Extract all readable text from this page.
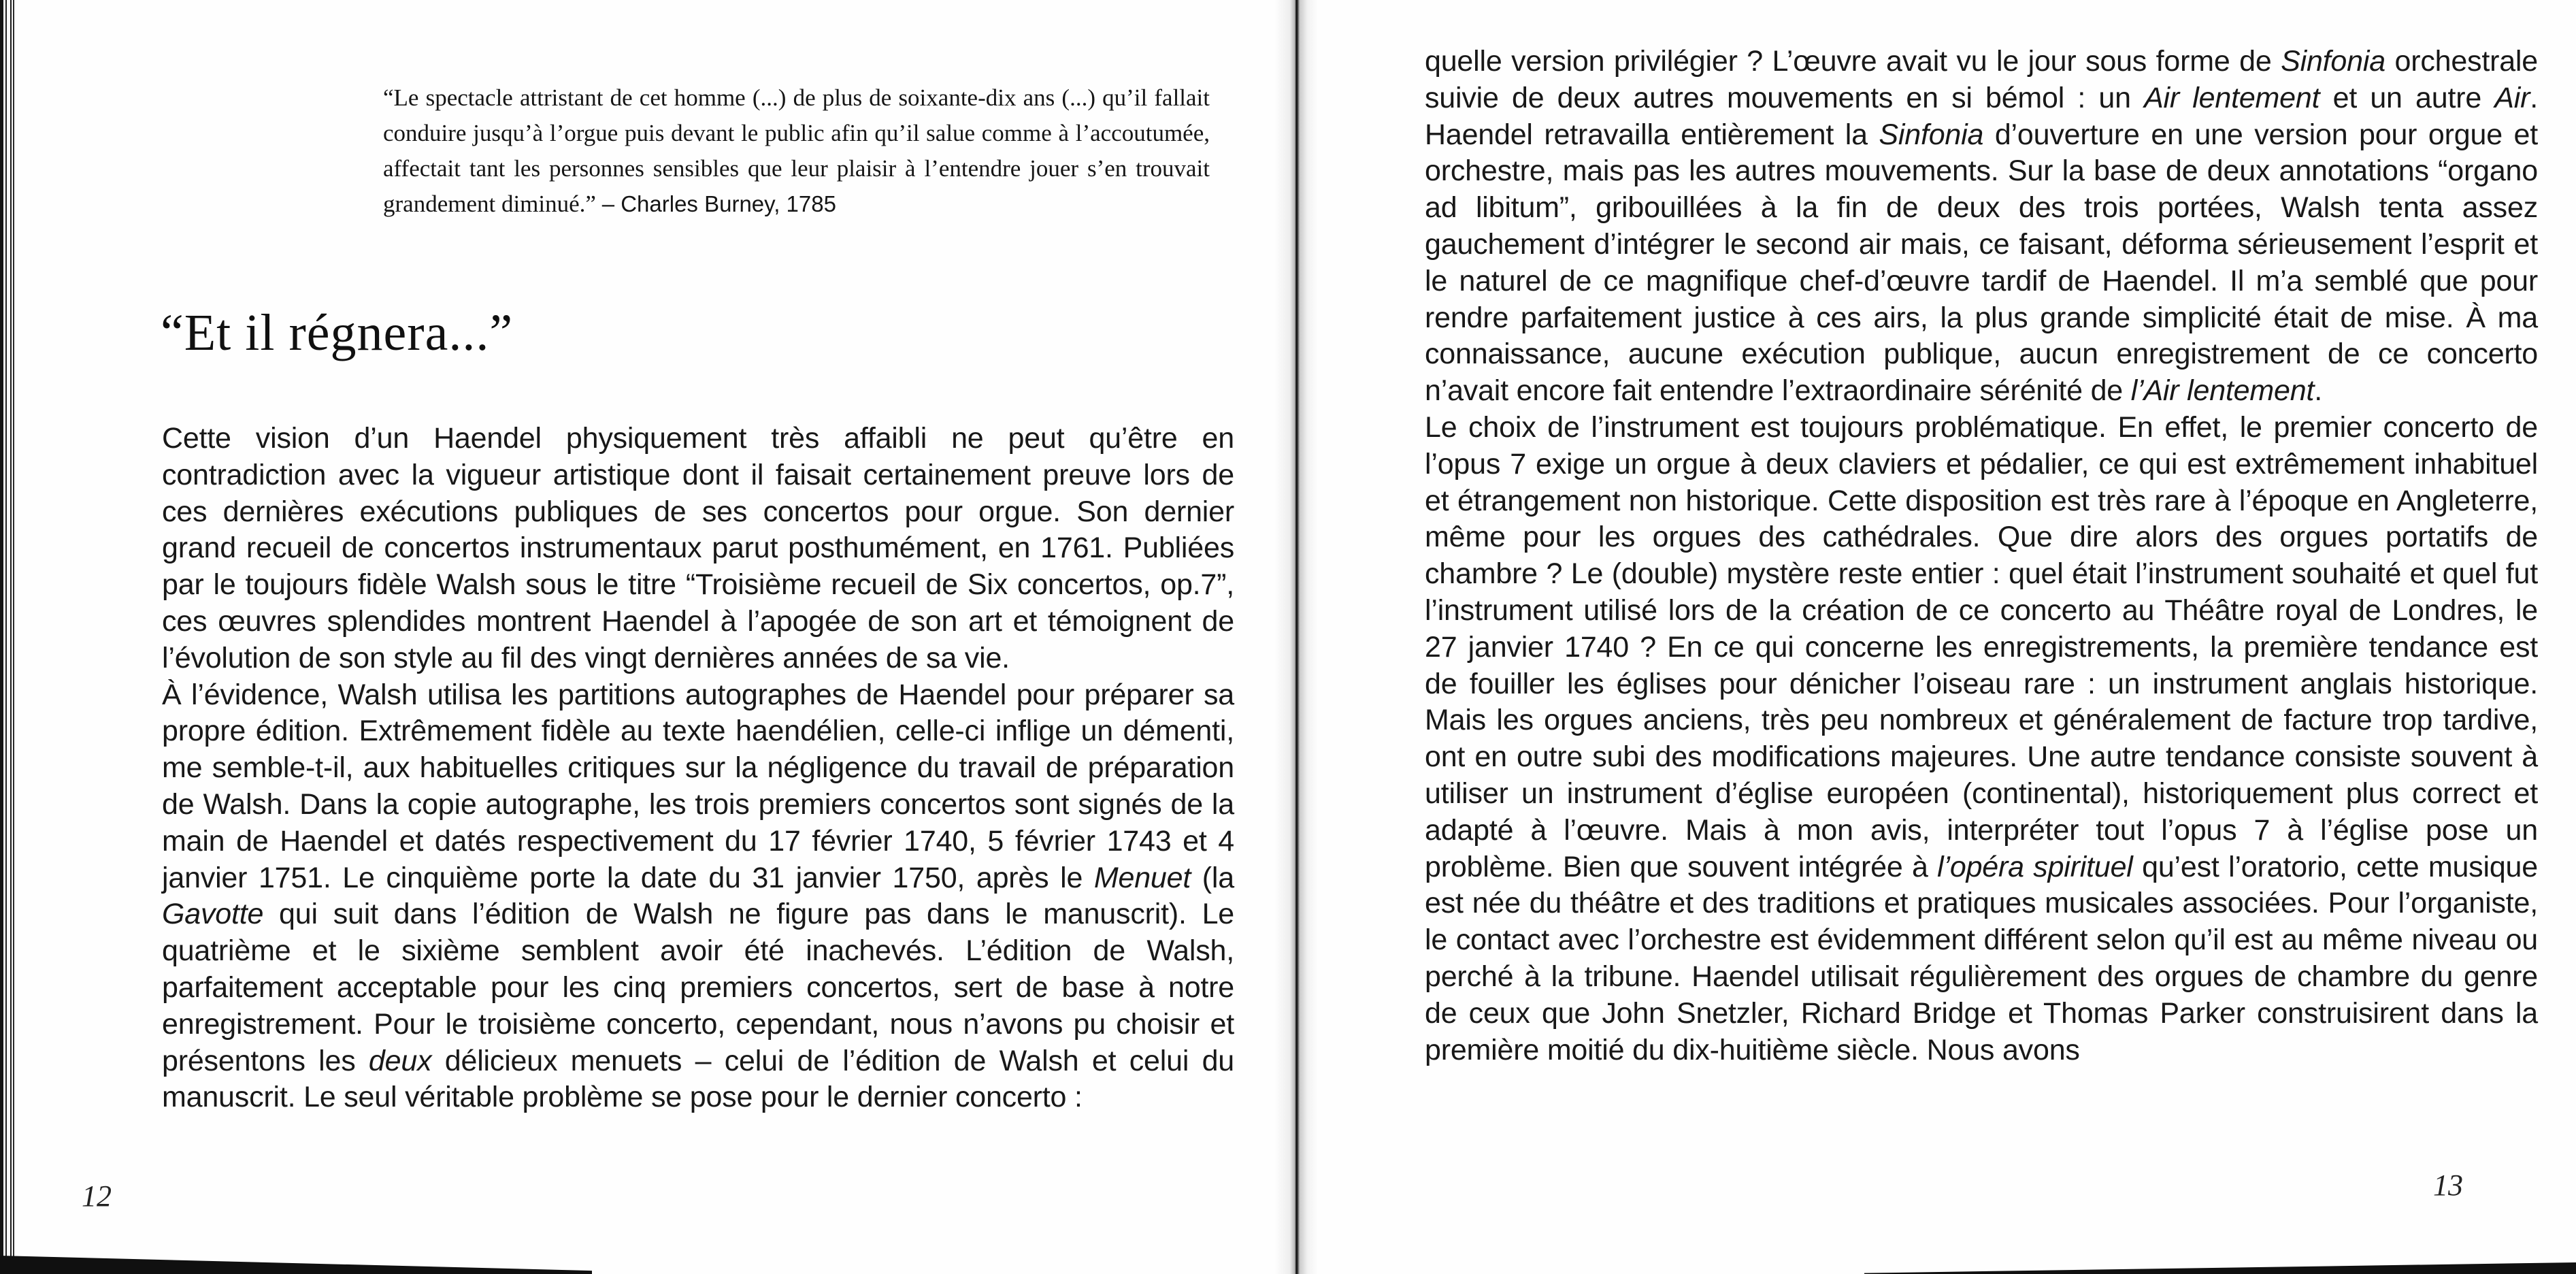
“Le spectacle attristant de cet homme (...) de plus de soixante-dix ans (...) qu’il fallait conduire jusqu’à l’orgue puis devant le public afin qu’il salue comme à l’accoutumée, affectait tant les personnes sensibles que leur plaisir à l’entendre jouer s’en trouvait grandement diminué.” – Charles Burney, 1785
“Et il régnera...”

Cette vision d’un Haendel physiquement très affaibli ne peut qu’être en contradiction avec la vigueur artistique dont il faisait certainement preuve lors de ces dernières exécutions publiques de ses concertos pour orgue. Son dernier grand recueil de concertos instrumentaux parut posthumément, en 1761. Publiées par le toujours fidèle Walsh sous le titre “Troisième recueil de Six concertos, op.7”, ces œuvres splendides montrent Haendel à l’apogée de son art et témoignent de l’évolution de son style au fil des vingt dernières années de sa vie.

À l’évidence, Walsh utilisa les partitions autographes de Haendel pour préparer sa propre édition. Extrêmement fidèle au texte haendélien, celle-ci inflige un démenti, me semble-t-il, aux habituelles critiques sur la négligence du travail de préparation de Walsh. Dans la copie autographe, les trois premiers concertos sont signés de la main de Haendel et datés respectivement du 17 février 1740, 5 février 1743 et 4 janvier 1751. Le cinquième porte la date du 31 janvier 1750, après le Menuet (la Gavotte qui suit dans l’édition de Walsh ne figure pas dans le manuscrit). Le quatrième et le sixième semblent avoir été inachevés. L’édition de Walsh, parfaitement acceptable pour les cinq premiers concertos, sert de base à notre enregistrement. Pour le troisième concerto, cependant, nous n’avons pu choisir et présentons les deux délicieux menuets – celui de l’édition de Walsh et celui du manuscrit. Le seul véritable problème se pose pour le dernier concerto :

12

quelle version privilégier ? L’œuvre avait vu le jour sous forme de Sinfonia orchestrale suivie de deux autres mouvements en si bémol : un Air lentement et un autre Air. Haendel retravailla entièrement la Sinfonia d’ouverture en une version pour orgue et orchestre, mais pas les autres mouvements. Sur la base de deux annotations “organo ad libitum”, gribouillées à la fin de deux des trois portées, Walsh tenta assez gauchement d’intégrer le second air mais, ce faisant, déforma sérieusement l’esprit et le naturel de ce magnifique chef-d’œuvre tardif de Haendel. Il m’a semblé que pour rendre parfaitement justice à ces airs, la plus grande simplicité était de mise. À ma connaissance, aucune exécution publique, aucun enregistrement de ce concerto n’avait encore fait entendre l’extraordinaire sérénité de l’Air lentement.

Le choix de l’instrument est toujours problématique. En effet, le premier concerto de l’opus 7 exige un orgue à deux claviers et pédalier, ce qui est extrêmement inhabituel et étrangement non historique. Cette disposition est très rare à l’époque en Angleterre, même pour les orgues des cathédrales. Que dire alors des orgues portatifs de chambre ? Le (double) mystère reste entier : quel était l’instrument souhaité et quel fut l’instrument utilisé lors de la création de ce concerto au Théâtre royal de Londres, le 27 janvier 1740 ? En ce qui concerne les enregistrements, la première tendance est de fouiller les églises pour dénicher l’oiseau rare : un instrument anglais historique. Mais les orgues anciens, très peu nombreux et généralement de facture trop tardive, ont en outre subi des modifications majeures. Une autre tendance consiste souvent à utiliser un instrument d’église européen (continental), historiquement plus correct et adapté à l’œuvre. Mais à mon avis, interpréter tout l’opus 7 à l’église pose un problème. Bien que souvent intégrée à l’opéra spirituel qu’est l’oratorio, cette musique est née du théâtre et des traditions et pratiques musicales associées. Pour l’organiste, le contact avec l’orchestre est évidemment différent selon qu’il est au même niveau ou perché à la tribune. Haendel utilisait régulièrement des orgues de chambre du genre de ceux que John Snetzler, Richard Bridge et Thomas Parker construisirent dans la première moitié du dix-huitième siècle. Nous avons

13
